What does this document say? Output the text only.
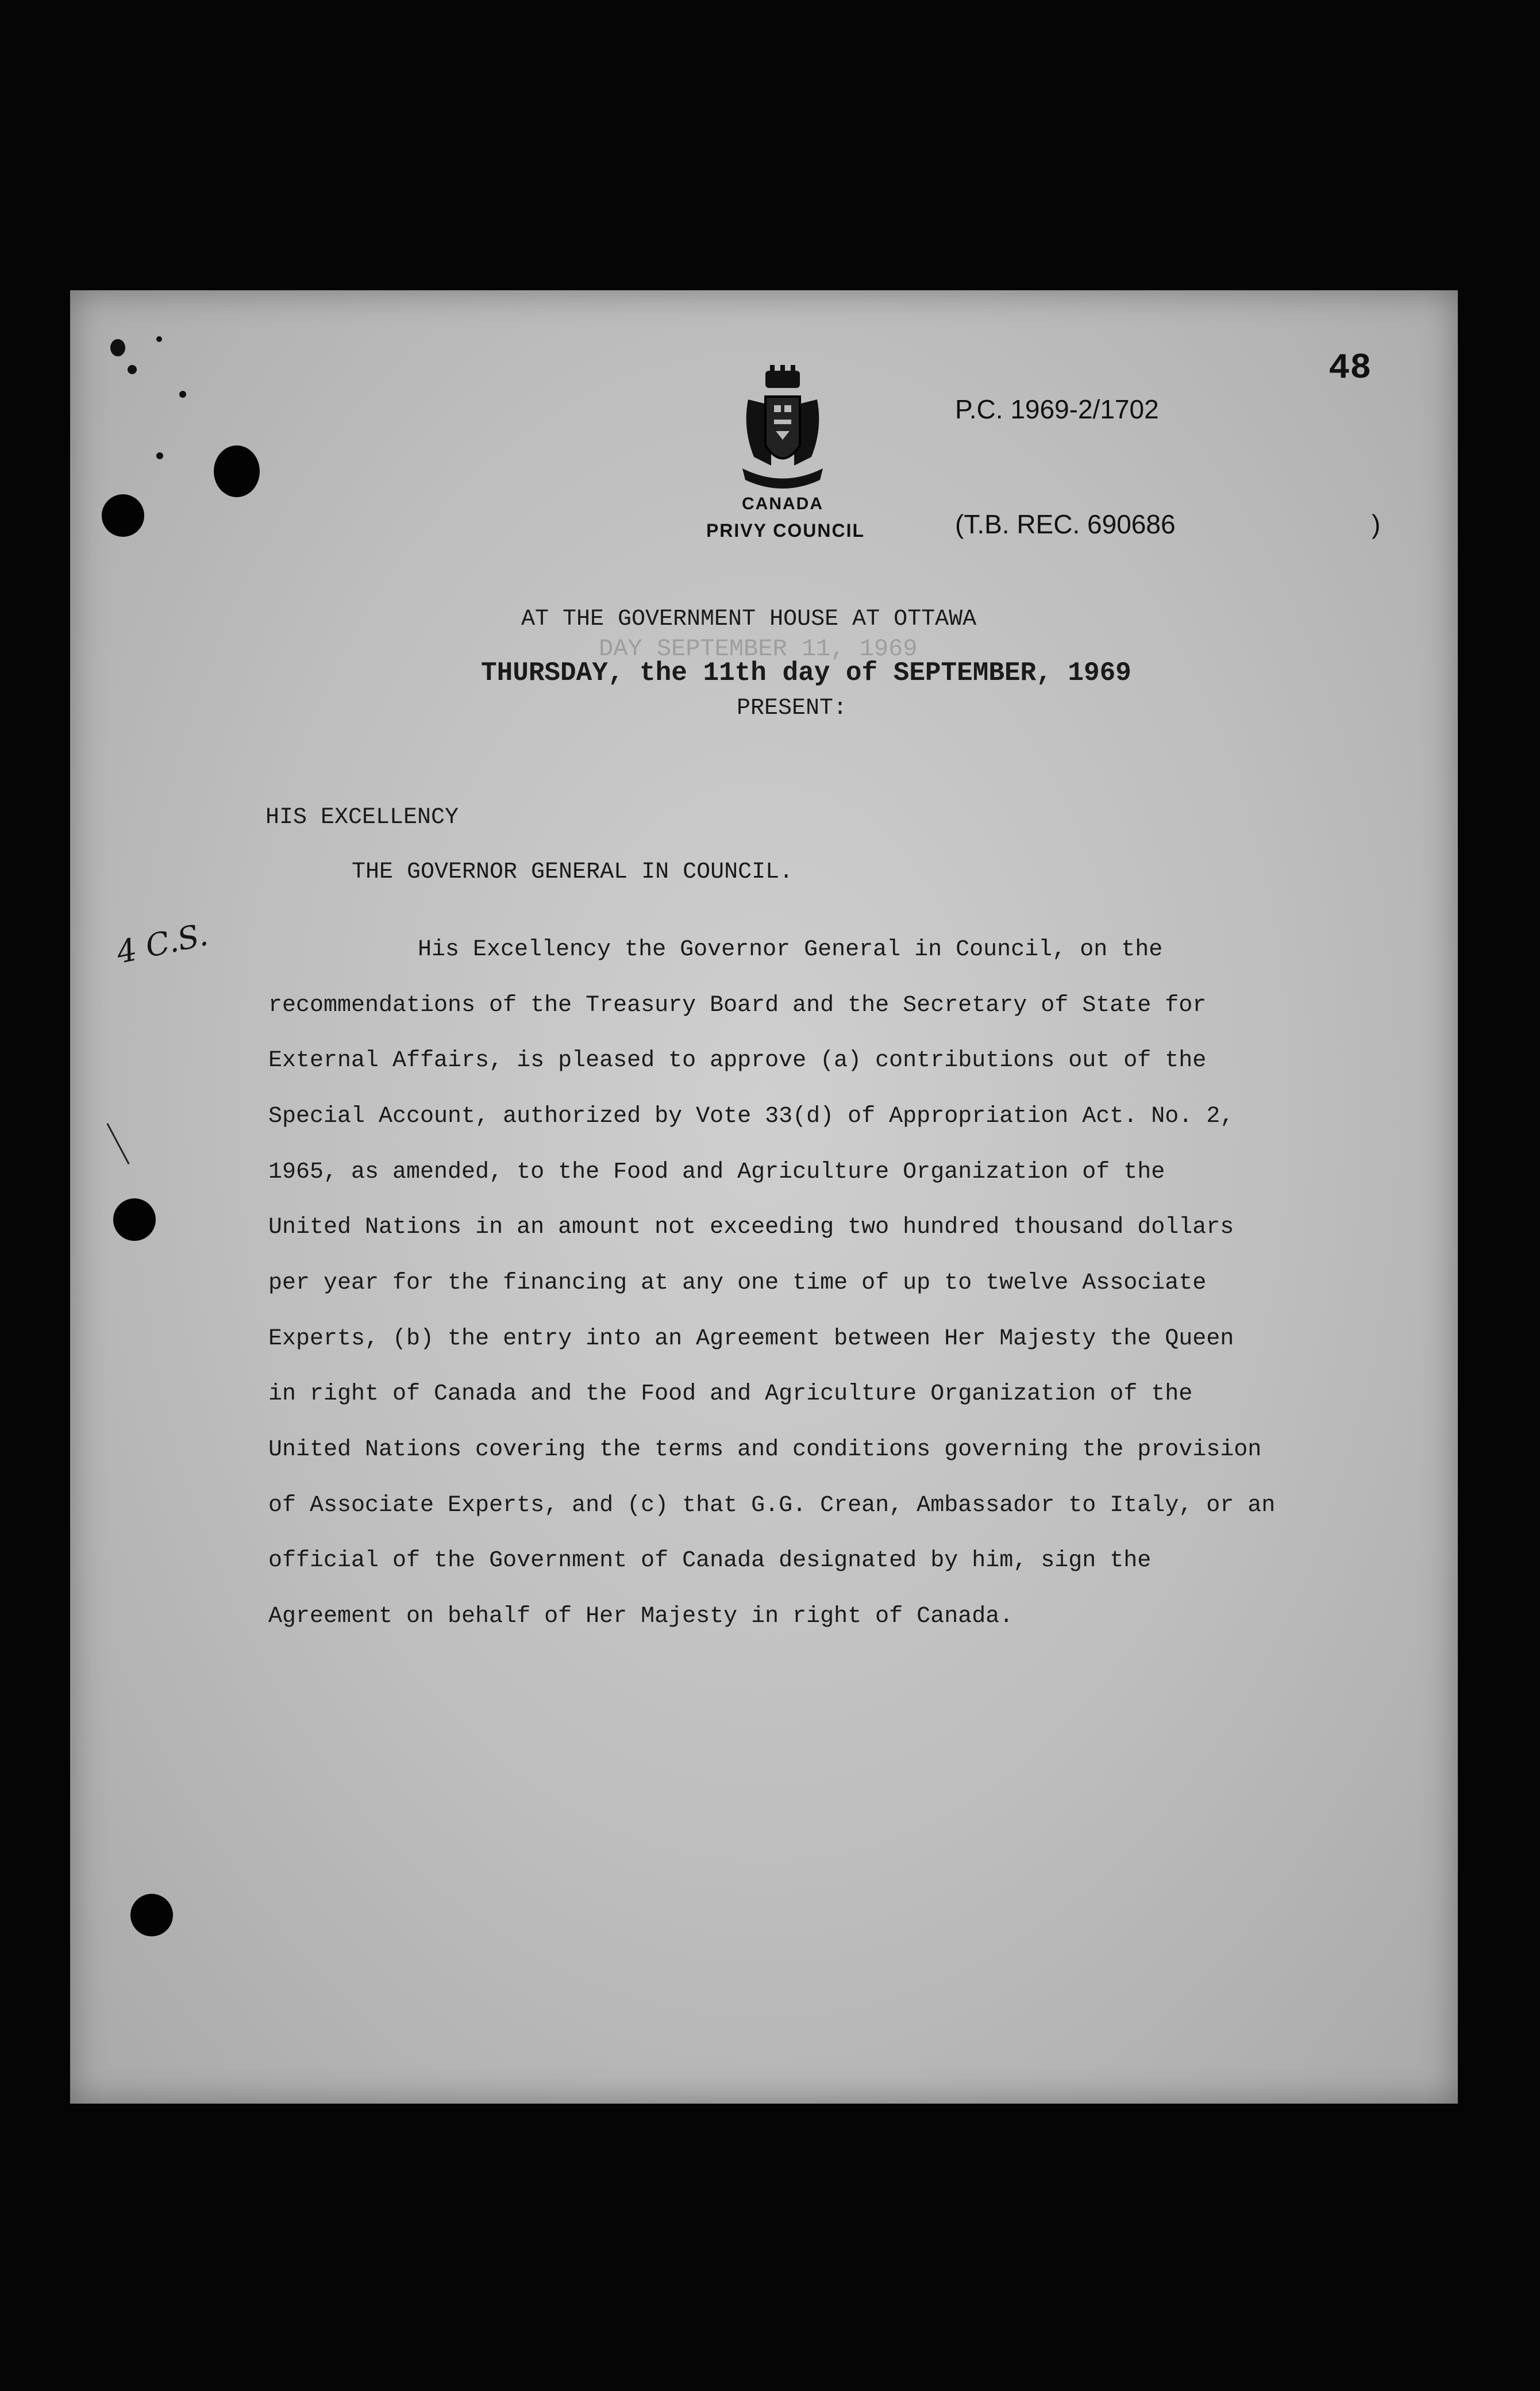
48
CANADA
PRIVY COUNCIL
P.C. 1969-2/1702
(T.B. REC. 690686	)
AT THE GOVERNMENT HOUSE AT OTTAWA
DAY SEPTEMBER 11, 1969
THURSDAY, the 11th day of SEPTEMBER, 1969
PRESENT:
HIS EXCELLENCY
THE GOVERNOR GENERAL IN COUNCIL.
4 C.S.	His Excellency the Governor General in Council, on the
recommendations of the Treasury Board and the Secretary of State for
External Affairs, is pleased to approve (a) contributions out of the
Special Account, authorized by Vote 33(d) of Appropriation Act. No. 2,
1965, as amended, to the Food and Agriculture Organization of the
United Nations in an amount not exceeding two hundred thousand dollars
per year for the financing at any one time of up to twelve Associate
Experts, (b) the entry into an Agreement between Her Majesty the Queen
in right of Canada and the Food and Agriculture Organization of the
United Nations covering the terms and conditions governing the provision
of Associate Experts, and (c) that G.G. Crean, Ambassador to Italy, or an
official of the Government of Canada designated by him, sign the
Agreement on behalf of Her Majesty in right of Canada.
